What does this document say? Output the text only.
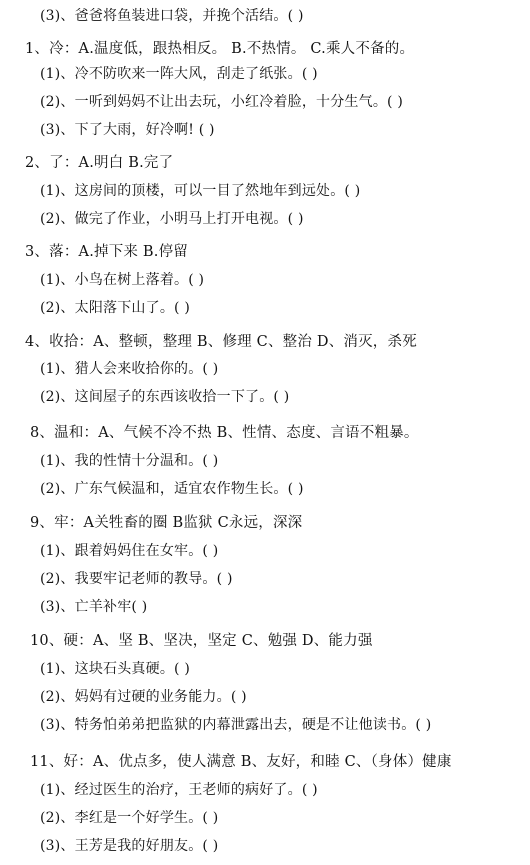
(3)、爸爸将鱼装进口袋，并挽个活结。( )
1、冷：A.温度低，跟热相反。 B.不热情。 C.乘人不备的。
(1)、冷不防吹来一阵大风，刮走了纸张。( )
(2)、一听到妈妈不让出去玩，小红冷着脸，十分生气。( )
(3)、下了大雨，好冷啊! ( )
2、了：A.明白 B.完了
(1)、这房间的顶楼，可以一目了然地年到远处。( )
(2)、做完了作业，小明马上打开电视。( )
3、落：A.掉下来 B.停留
(1)、小鸟在树上落着。( )
(2)、太阳落下山了。( )
4、收拾：A、整顿，整理 B、修理 C、整治 D、消灭，杀死
(1)、猎人会来收拾你的。( )
(2)、这间屋子的东西该收拾一下了。( )
8、温和：A、气候不冷不热 B、性情、态度、言语不粗暴。
(1)、我的性情十分温和。( )
(2)、广东气候温和，适宜农作物生长。( )
9、牢：A关牲畜的圈 B监狱 C永远，深深
(1)、跟着妈妈住在女牢。( )
(2)、我要牢记老师的教导。( )
(3)、亡羊补牢( )
10、硬：A、坚 B、坚决，坚定 C、勉强 D、能力强
(1)、这块石头真硬。( )
(2)、妈妈有过硬的业务能力。( )
(3)、特务怕弟弟把监狱的内幕泄露出去，硬是不让他读书。( )
11、好：A、优点多，使人满意 B、友好，和睦 C、（身体）健康
(1)、经过医生的治疗，王老师的病好了。( )
(2)、李红是一个好学生。( )
(3)、王芳是我的好朋友。( )
